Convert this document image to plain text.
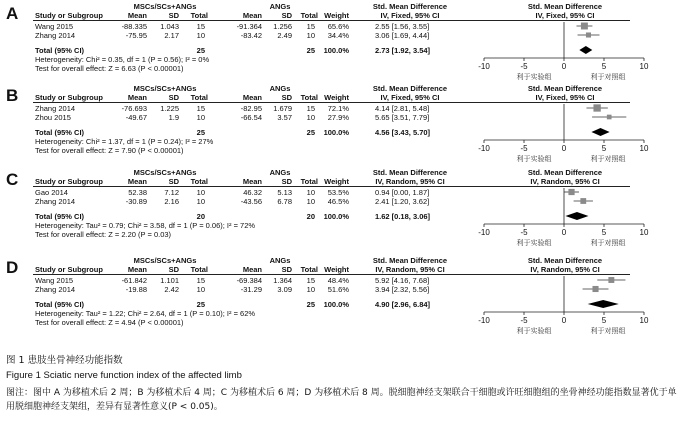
A	MSCs/SCs+ANGs	ANGs	Std. Mean Difference	Std. Mean Difference
Study or Subgroup	Mean	SD Total	Mean	SD Total Weight	IV, Fixed, 95% CI	IV, Fixed, 95% CI
Wang 2015	-88.335 1.043 15	-91.364 1.256 15 65.6%	2.55 [1.56, 3.55]
Zhang 2014	-75.95 2.17 10	-83.42 2.49 10 34.4%	3.06 [1.69, 4.44]
Total (95% CI)	25	25 100.0%	2.73 [1.92, 3.54]
Heterogeneity: Chi² = 0.35, df = 1 (P = 0.56); I² = 0%
Test for overall effect: Z = 6.63 (P < 0.00001)	-10	-5	0	5	10
利于实验组	利于对照组
B	MSCs/SCs+ANGs	ANGs	Std. Mean Difference	Std. Mean Difference
Study or Subgroup	Mean	SD Total	Mean	SD Total Weight	IV, Fixed, 95% CI	IV, Fixed, 95% CI
Zhang 2014	-76.693 1.225 15	-82.95 1.679 15 72.1%	4.14 [2.81, 5.48]
Zhou 2015	-49.67	1.9 10	-66.54 3.57 10 27.9%	5.65 [3.51, 7.79]
Total (95% CI)	25	25 100.0%	4.56 [3.43, 5.70]
Heterogeneity: Chi² = 1.37, df = 1 (P = 0.24); I² = 27%
Test for overall effect: Z = 7.90 (P < 0.00001)	-10	-5	0	5	10
利于实验组	利于对照组
C	MSCs/SCs+ANGs	ANGs	Std. Mean Difference	Std. Mean Difference
Study or Subgroup	Mean	SD Total	Mean	SD Total Weight	IV, Random, 95% CI	IV, Random, 95% CI
Gao 2014	52.38 7.12 10	46.32 5.13 10 53.5%	0.94 [0.00, 1.87]
Zhang 2014	-30.89 2.16 10	-43.56 6.78 10 46.5%	2.41 [1.20, 3.62]
Total (95% CI)	20	20 100.0%	1.62 [0.18, 3.06]
Heterogeneity: Tau² = 0.79; Chi² = 3.58, df = 1 (P = 0.06); I² = 72%
Test for overall effect: Z = 2.20 (P = 0.03)	-10	-5	0	5	10
利于实验组	利于对照组
D	MSCs/SCs+ANGs	ANGs	Std. Mean Difference	Std. Mean Difference
Study or Subgroup	Mean	SD Total	Mean	SD Total Weight	IV, Random, 95% CI	IV, Random, 95% CI
Wang 2015	-61.842 1.101 15	-69.384 1.364 15 48.4%	5.92 [4.16, 7.68]
Zhang 2014	-19.88 2.42 10	-31.29 3.09 10 51.6%	3.94 [2.32, 5.56]
Total (95% CI)	25	25 100.0%	4.90 [2.96, 6.84]
Heterogeneity: Tau² = 1.22; Chi² = 2.64, df = 1 (P = 0.10); I² = 62%
Test for overall effect: Z = 4.94 (P < 0.00001)	-10	-5	0	5	10
利于实验组	利于对照组
图 1 患肢坐骨神经功能指数
Figure 1 Sciatic nerve function index of the affected limb
图注：图中 A 为移植术后 2 周；B 为移植术后 4 周；C 为移植术后 6 周；D 为移植术后 8 周。脱细胞神经支架联合干细胞或许旺细胞组的坐骨神经功能指数显著优于单用脱细胞神经支架组，差异有显著性意义(P < 0.05)。
